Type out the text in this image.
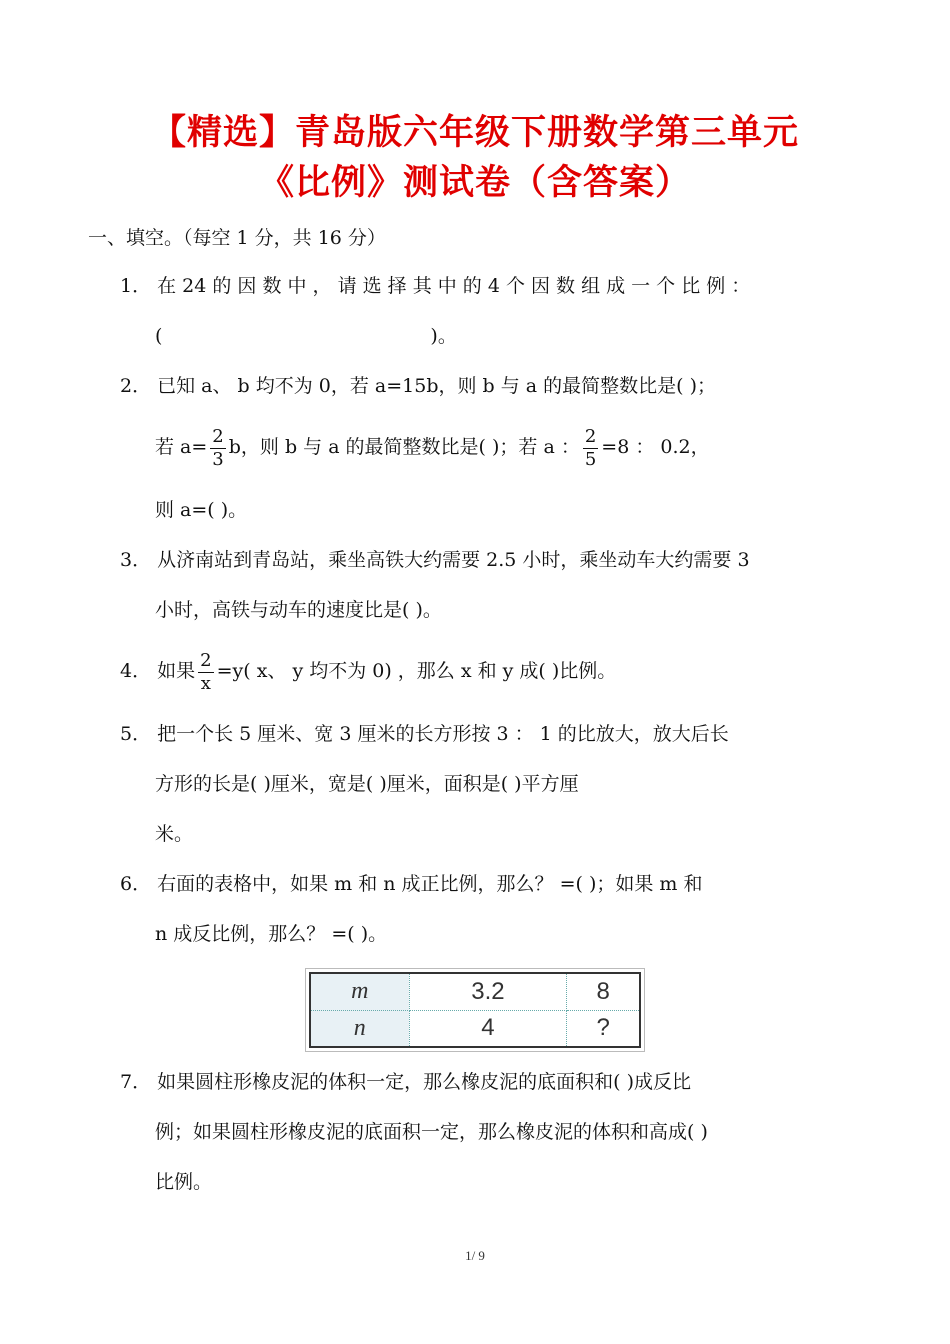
【精选】青岛版六年级下册数学第三单元
《比例》测试卷（含答案）
一、填空。（每空 1 分，共 16 分）
1． 在 24 的 因 数 中 ， 请 选 择 其 中 的 4 个 因 数 组 成 一 个 比 例 ：
(	)。
2． 已知 a、 b 均不为 0，若 a=15b，则 b 与 a 的最简整数比是( )；
若 $a= \frac{2}{3}$ b，则 b 与 a 的最简整数比是( )；若 a ： $\frac{2}{5} =8$ ： 0.2，
则 a=( )。
3． 从济南站到青岛站，乘坐高铁大约需要 2.5 小时，乘坐动车大约需要 3
小时，高铁与动车的速度比是( )。
4． 如果 $\frac{2}{x} =y$( x、 y 均不为 0) ，那么 x 和 y 成( )比例。
5． 把一个长 5 厘米、宽 3 厘米的长方形按 3 ： 1 的比放大，放大后长
方形的长是( )厘米，宽是( )厘米，面积是( )平方厘
米。
6． 右面的表格中，如果 m 和 n 成正比例，那么？ =( )；如果 m 和
n 成反比例，那么？ =( )。
m	3.2	8
n	4	?
7． 如果圆柱形橡皮泥的体积一定，那么橡皮泥的底面积和( )成反比
例；如果圆柱形橡皮泥的底面积一定，那么橡皮泥的体积和高成( )
比例。
1/ 9
